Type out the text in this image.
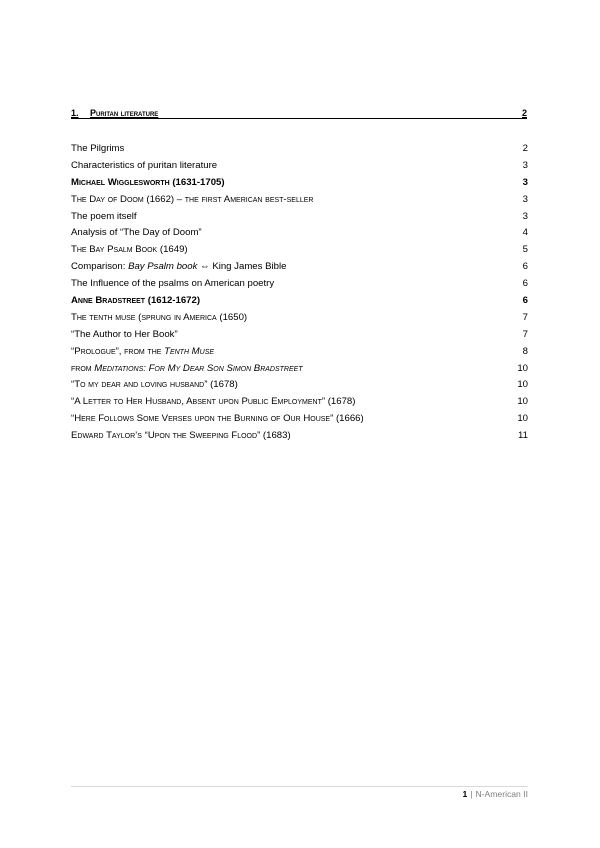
1. Puritan literature	2
The Pilgrims	2
Characteristics of puritan literature	3
Michael Wigglesworth (1631-1705)	3
The Day of Doom (1662) – the first American best-seller	3
The poem itself	3
Analysis of “The Day of Doom”	4
The Bay Psalm Book (1649)	5
Comparison: Bay Psalm book ⇔ King James Bible	6
The Influence of the psalms on American poetry	6
Anne Bradstreet (1612-1672)	6
The tenth muse (sprung in America (1650)	7
“The Author to Her Book”	7
“Prologue”, from the Tenth Muse	8
from Meditations: For My Dear Son Simon Bradstreet	10
“To my dear and loving husband” (1678)	10
“A Letter to Her Husband, Absent upon Public Employment” (1678)	10
“Here Follows Some Verses upon the Burning of Our House” (1666)	10
Edward Taylor’s “Upon the Sweeping Flood” (1683)	11
1 | N-American II
